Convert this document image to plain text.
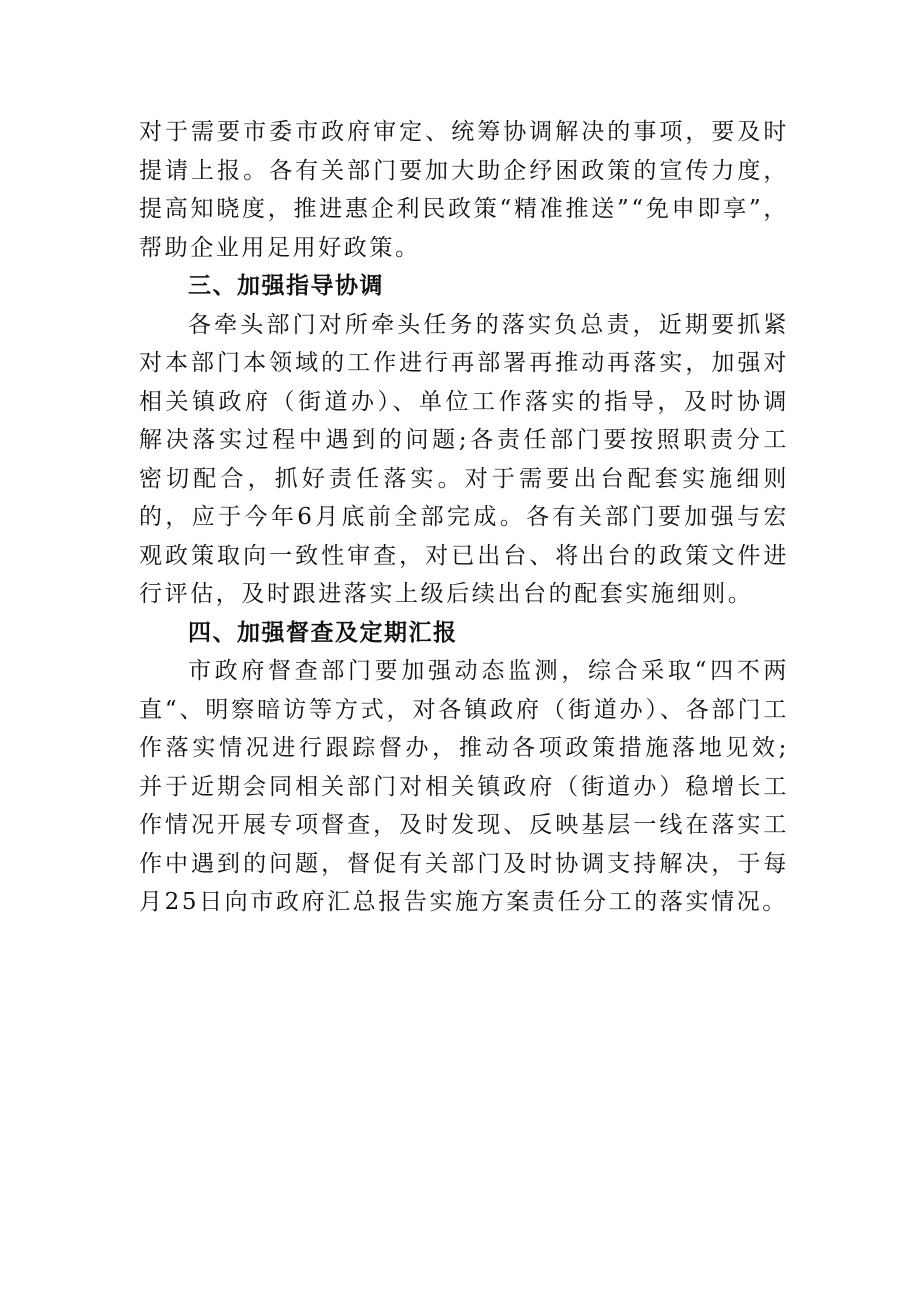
对于需要市委市政府审定、统筹协调解决的事项，要及时提请上报。各有关部门要加大助企纾困政策的宣传力度，提高知晓度，推进惠企利民政策“精准推送”“免申即享”，帮助企业用足用好政策。

三、加强指导协调

各牵头部门对所牵头任务的落实负总责，近期要抓紧对本部门本领域的工作进行再部署再推动再落实，加强对相关镇政府（街道办）、单位工作落实的指导，及时协调解决落实过程中遇到的问题;各责任部门要按照职责分工密切配合，抓好责任落实。对于需要出台配套实施细则的，应于今年6月底前全部完成。各有关部门要加强与宏观政策取向一致性审查，对已出台、将出台的政策文件进行评估，及时跟进落实上级后续出台的配套实施细则。

四、加强督查及定期汇报

市政府督查部门要加强动态监测，综合采取“四不两直“、明察暗访等方式，对各镇政府（街道办）、各部门工作落实情况进行跟踪督办，推动各项政策措施落地见效;并于近期会同相关部门对相关镇政府（街道办）稳增长工作情况开展专项督查，及时发现、反映基层一线在落实工作中遇到的问题，督促有关部门及时协调支持解决，于每月25日向市政府汇总报告实施方案责任分工的落实情况。
